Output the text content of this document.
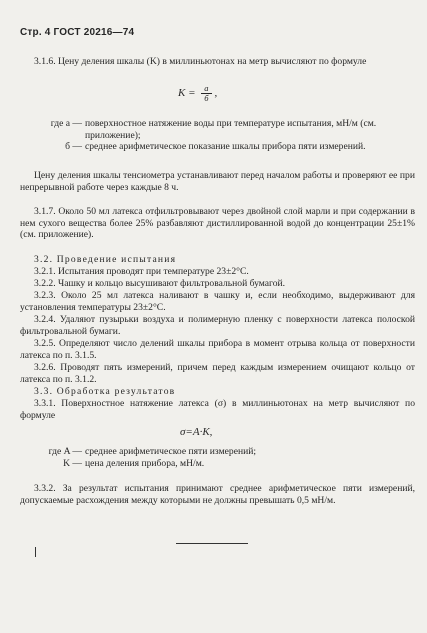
Стр. 4 ГОСТ 20216—74

3.1.6. Цену деления шкалы (K) в миллиньютонах на метр вычисляют по формуле

$K = \frac{a}{б}$ ,
где a — поверхностное натяжение воды при температуре испытания, мН/м (см. приложение);
б — среднее арифметическое показание шкалы прибора пяти измерений.

Цену деления шкалы тенсиометра устанавливают перед началом работы и проверяют ее при непрерывной работе через каждые 8 ч.

3.1.7. Около 50 мл латекса отфильтровывают через двойной слой марли и при содержании в нем сухого вещества более 25% разбавляют дистиллированной водой до концентрации 25±1% (см. приложение).

3.2. Проведение испытания

3.2.1. Испытания проводят при температуре 23±2°C.

3.2.2. Чашку и кольцо высушивают фильтровальной бумагой.

3.2.3. Около 25 мл латекса наливают в чашку и, если необходимо, выдерживают для установления температуры 23±2°C.

3.2.4. Удаляют пузырьки воздуха и полимерную пленку с поверхности латекса полоской фильтровальной бумаги.

3.2.5. Определяют число делений шкалы прибора в момент отрыва кольца от поверхности латекса по п. 3.1.5.

3.2.6. Проводят пять измерений, причем перед каждым измерением очищают кольцо от латекса по п. 3.1.2.

3.3. Обработка результатов

3.3.1. Поверхностное натяжение латекса (σ) в миллиньютонах на метр вычисляют по формуле

σ=A·K,
где A — среднее арифметическое пяти измерений;
K — цена деления прибора, мН/м.

3.3.2. За результат испытания принимают среднее арифметическое пяти измерений, допускаемые расхождения между которыми не должны превышать 0,5 мН/м.
